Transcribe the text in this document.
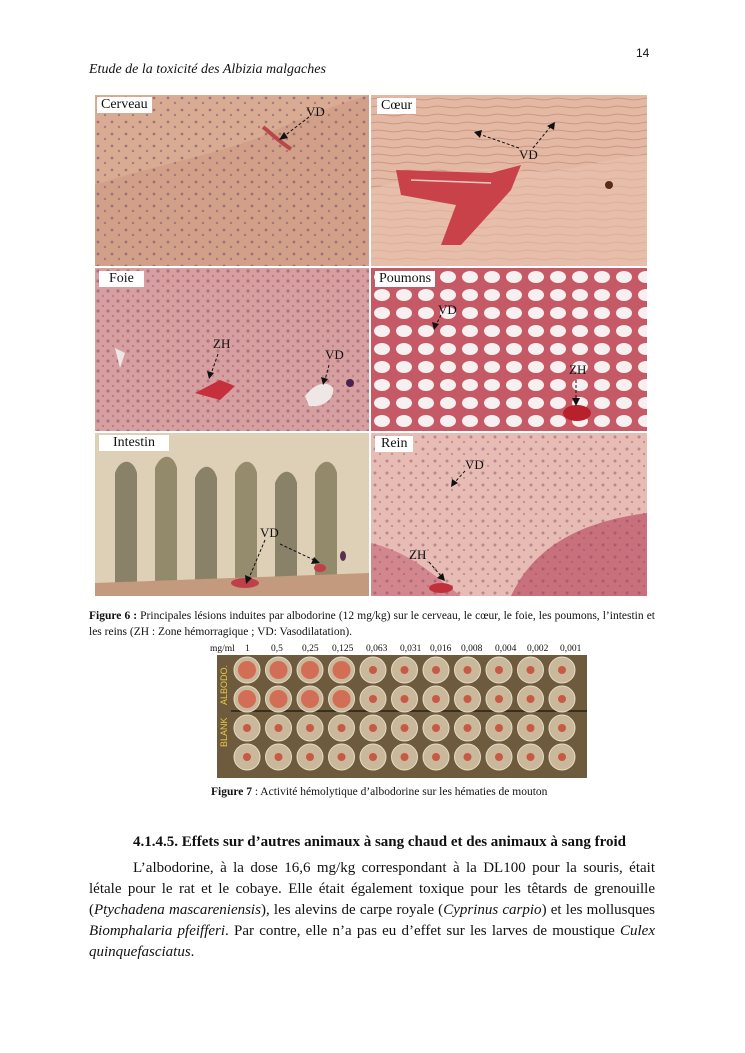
14
Etude de la toxicité des Albizia malgaches
Cerveau	VD	Cœur
VD
Foie
ZH
VD
Poumons
VD
ZH
Intestin
VD
Rein
VD
ZH
Figure 6 : Principales lésions induites par albodorine (12 mg/kg) sur le cerveau, le cœur, le foie, les poumons, l’intestin et les reins (ZH : Zone hémorragique ; VD: Vasodilatation).
mg/ml 1 0,5 0,25 0,125 0,063 0,031 0,016 0,008 0,004 0,002 0,001
BLANK
ALBODO.
Figure 7 : Activité hémolytique d’albodorine sur les hématies de mouton
4.1.4.5. Effets sur d’autres animaux à sang chaud et des animaux à sang froid

L’albodorine, à la dose 16,6 mg/kg correspondant à la DL100 pour la souris, était létale pour le rat et le cobaye. Elle était également toxique pour les têtards de grenouille (Ptychadena mascareniensis), les alevins de carpe royale (Cyprinus carpio) et les mollusques Biomphalaria pfeifferi. Par contre, elle n’a pas eu d’effet sur les larves de moustique Culex quinquefasciatus.
